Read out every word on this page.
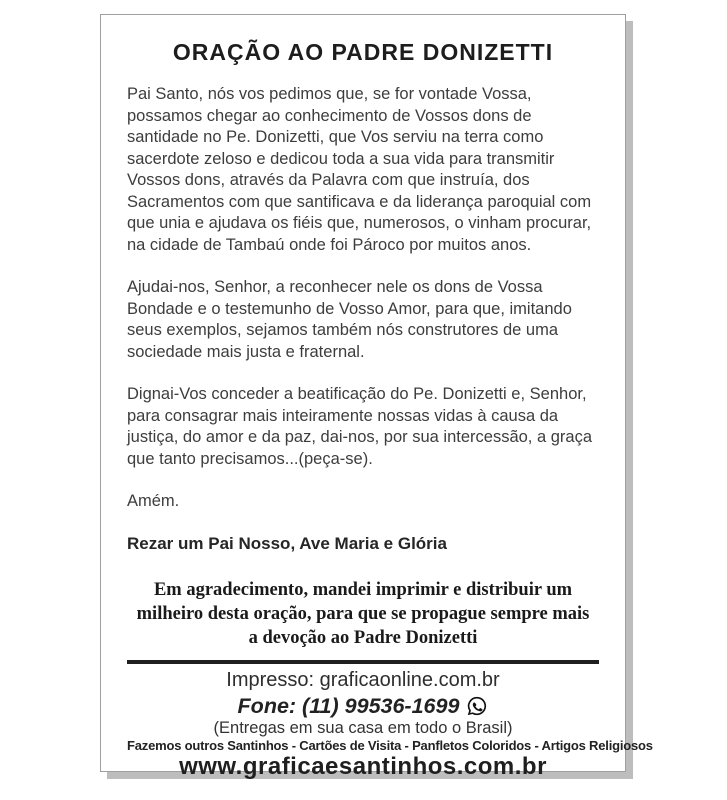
ORAÇÃO AO PADRE DONIZETTI

Pai Santo, nós vos pedimos que, se for vontade Vossa, possamos chegar ao conhecimento de Vossos dons de santidade no Pe. Donizetti, que Vos serviu na terra como sacerdote zeloso e dedicou toda a sua vida para transmitir Vossos dons, através da Palavra com que instruía, dos Sacramentos com que santificava e da liderança paroquial com que unia e ajudava os fiéis que, numerosos, o vinham procurar, na cidade de Tambaú onde foi Pároco por muitos anos.

Ajudai-nos, Senhor, a reconhecer nele os dons de Vossa Bondade e o testemunho de Vosso Amor, para que, imitando seus exemplos, sejamos também nós construtores de uma sociedade mais justa e fraternal.

Dignai-Vos conceder a beatificação do Pe. Donizetti e, Senhor, para consagrar mais inteiramente nossas vidas à causa da justiça, do amor e da paz, dai-nos, por sua intercessão, a graça que tanto precisamos...(peça-se).

Amém.

Rezar um Pai Nosso, Ave Maria e Glória

Em agradecimento, mandei imprimir e distribuir um milheiro desta oração, para que se propague sempre mais a devoção ao Padre Donizetti

Impresso: graficaonline.com.br
Fone: (11) 99536-1699
(Entregas em sua casa em todo o Brasil)
Fazemos outros Santinhos - Cartões de Visita - Panfletos Coloridos - Artigos Religiosos
www.graficaesantinhos.com.br
